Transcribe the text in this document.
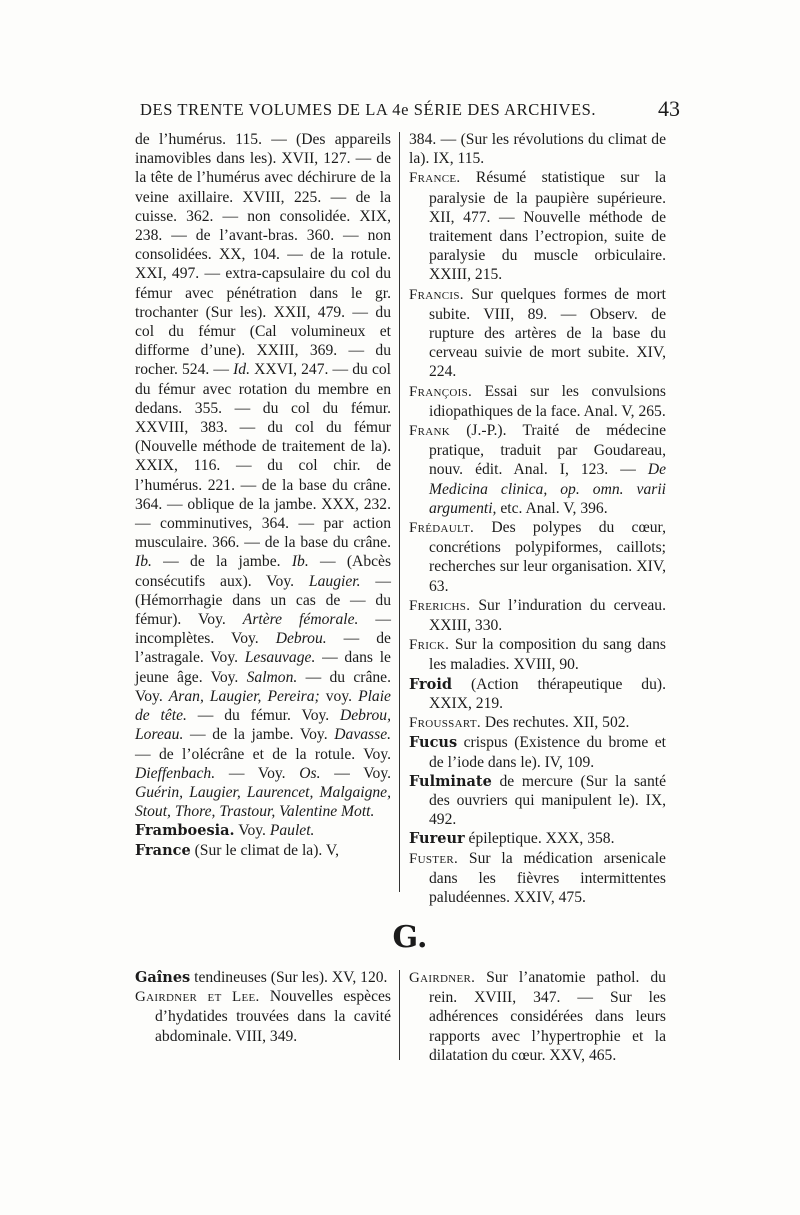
DES TRENTE VOLUMES DE LA 4e SÉRIE DES ARCHIVES.	43

de l’humérus. 115. — (Des appareils inamovibles dans les). XVII, 127. — de la tête de l’humérus avec déchirure de la veine axillaire. XVIII, 225. — de la cuisse. 362. — non consolidée. XIX, 238. — de l’avant-bras. 360. — non consolidées. XX, 104. — de la rotule. XXI, 497. — extra-capsulaire du col du fémur avec pénétration dans le gr. trochanter (Sur les). XXII, 479. — du col du fémur (Cal volumineux et difforme d’une). XXIII, 369. — du rocher. 524. — Id. XXVI, 247. — du col du fémur avec rotation du membre en dedans. 355. — du col du fémur. XXVIII, 383. — du col du fémur (Nouvelle méthode de traitement de la). XXIX, 116. — du col chir. de l’humérus. 221. — de la base du crâne. 364. — oblique de la jambe. XXX, 232. — comminutives, 364. — par action musculaire. 366. — de la base du crâne. Ib. — de la jambe. Ib. — (Abcès consécutifs aux). Voy. Laugier. — (Hémorrhagie dans un cas de — du fémur). Voy. Artère fémorale. — incomplètes. Voy. Debrou. — de l’astragale. Voy. Lesauvage. — dans le jeune âge. Voy. Salmon. — du crâne. Voy. Aran, Laugier, Pereira; voy. Plaie de tête. — du fémur. Voy. Debrou, Loreau. — de la jambe. Voy. Davasse. — de l’olécrâne et de la rotule. Voy. Dieffenbach. — Voy. Os. — Voy. Guérin, Laugier, Laurencet, Malgaigne, Stout, Thore, Trastour, Valentine Mott.

Framboesia. Voy. Paulet.

France (Sur le climat de la). V,

384. — (Sur les révolutions du climat de la). IX, 115.

France. Résumé statistique sur la paralysie de la paupière supérieure. XII, 477. — Nouvelle méthode de traitement dans l’ectropion, suite de paralysie du muscle orbiculaire. XXIII, 215.

Francis. Sur quelques formes de mort subite. VIII, 89. — Observ. de rupture des artères de la base du cerveau suivie de mort subite. XIV, 224.

François. Essai sur les convulsions idiopathiques de la face. Anal. V, 265.

Frank (J.-P.). Traité de médecine pratique, traduit par Goudareau, nouv. édit. Anal. I, 123. — De Medicina clinica, op. omn. varii argumenti, etc. Anal. V, 396.

Frédault. Des polypes du cœur, concrétions polypiformes, caillots; recherches sur leur organisation. XIV, 63.

Frerichs. Sur l’induration du cerveau. XXIII, 330.

Frick. Sur la composition du sang dans les maladies. XVIII, 90.

Froid (Action thérapeutique du). XXIX, 219.

Froussart. Des rechutes. XII, 502.

Fucus crispus (Existence du brome et de l’iode dans le). IV, 109.

Fulminate de mercure (Sur la santé des ouvriers qui manipulent le). IX, 492.

Fureur épileptique. XXX, 358.

Fuster. Sur la médication arsenicale dans les fièvres intermittentes paludéennes. XXIV, 475.

G.

Gaînes tendineuses (Sur les). XV, 120.

Gairdner et Lee. Nouvelles espèces d’hydatides trouvées dans la cavité abdominale. VIII, 349.

Gairdner. Sur l’anatomie pathol. du rein. XVIII, 347. — Sur les adhérences considérées dans leurs rapports avec l’hypertrophie et la dilatation du cœur. XXV, 465.
